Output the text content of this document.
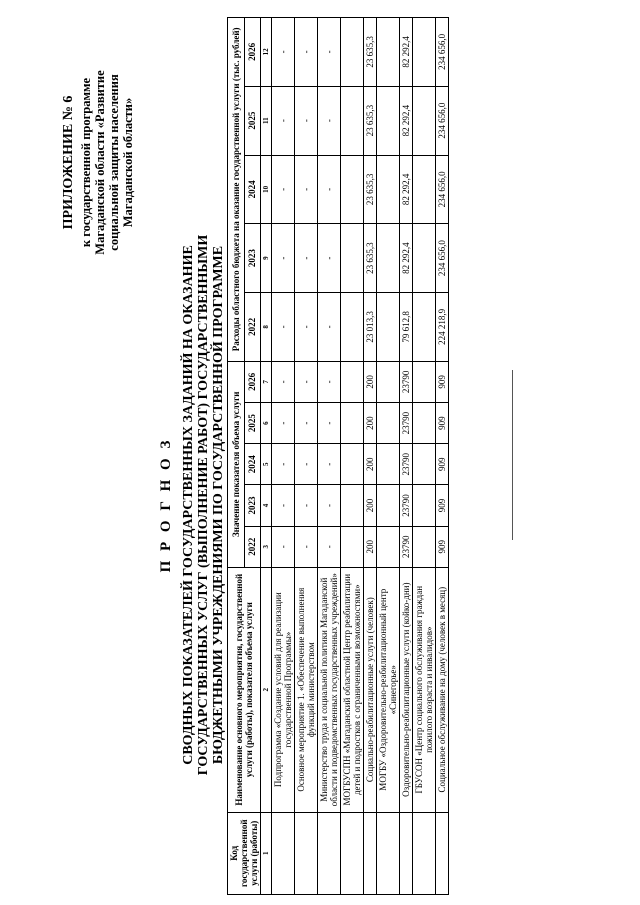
ПРИЛОЖЕНИЕ № 6 к государственной программе Магаданской области «Развитие социальной защиты населения Магаданской области»
П Р О Г Н О З СВОДНЫХ ПОКАЗАТЕЛЕЙ ГОСУДАРСТВЕННЫХ ЗАДАНИЙ НА ОКАЗАНИЕ ГОСУДАРСТВЕННЫХ УСЛУГ (ВЫПОЛНЕНИЕ РАБОТ) ГОСУДАРСТВЕННЫМИ БЮДЖЕТНЫМИ УЧРЕЖДЕНИЯМИ ПО ГОСУДАРСТВЕННОЙ ПРОГРАММЕ
Код государственной услуги (работы)	Наименование основного мероприятия, государственной услуги (работы), показателя объема услуги	Значение показателя объема услуги					Расходы областного бюджета на оказание государственной услуги (тыс. рублей)				
		2022	2023	2024	2025	2026	2022	2023	2024	2025	2026
1	2	3	4	5	6	7	8	9	10	11	12
	Подпрограмма «Создание условий для реализации государственной Программы»	-	-	-	-	-	-	-	-	-	-
	Основное мероприятие 1. «Обеспечение выполнения функций министерством	-	-	-	-	-	-	-	-	-	-
	Министерство труда и социальной политики Магаданской области и подведомственных государственных учреждений»	-	-	-	-	-	-	-	-	-	-
	МОГБУСПН «Магаданский областной Центр реабилитации детей и подростков с ограниченными возможностями»										
	Социально-реабилитационные услуги (человек)	200	200	200	200	200	23 013,3	23 635,3	23 635,3	23 635,3	23 635,3
	МОГБУ «Оздоровительно-реабилитационный центр «Синегорье»										
	Оздоровительно-реабилитационные услуги (койко-дни)	23790	23790	23790	23790	23790	79 612,8	82 292,4	82 292,4	82 292,4	82 292,4
	ГБУСОН «Центр социального обслуживания граждан пожилого возраста и инвалидов»										
	Социальное обслуживание на дому (человек в месяц)	909	909	909	909	909	224 218,9	234 656,0	234 656,0	234 656,0	234 656,0
